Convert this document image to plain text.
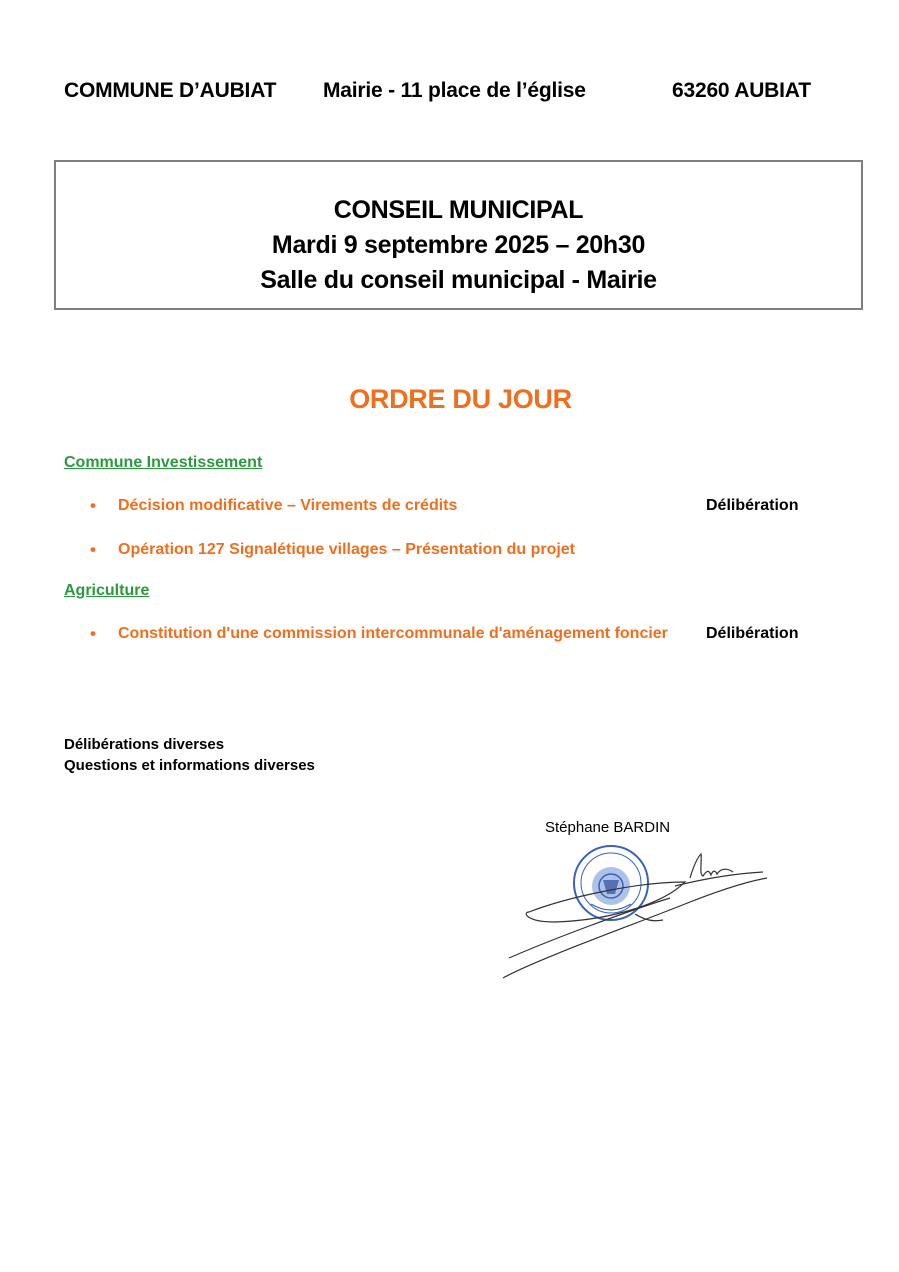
COMMUNE D’AUBIAT Mairie - 11 place de l’église	63260 AUBIAT
CONSEIL MUNICIPAL
Mardi 9 septembre 2025 – 20h30
Salle du conseil municipal - Mairie
ORDRE DU JOUR
Commune Investissement
• Décision modificative – Virements de crédits	Délibération
• Opération 127 Signalétique villages – Présentation du projet
Agriculture
• Constitution d'une commission intercommunale d'aménagement foncier Délibération
Délibérations diverses
Questions et informations diverses
Stéphane BARDIN
